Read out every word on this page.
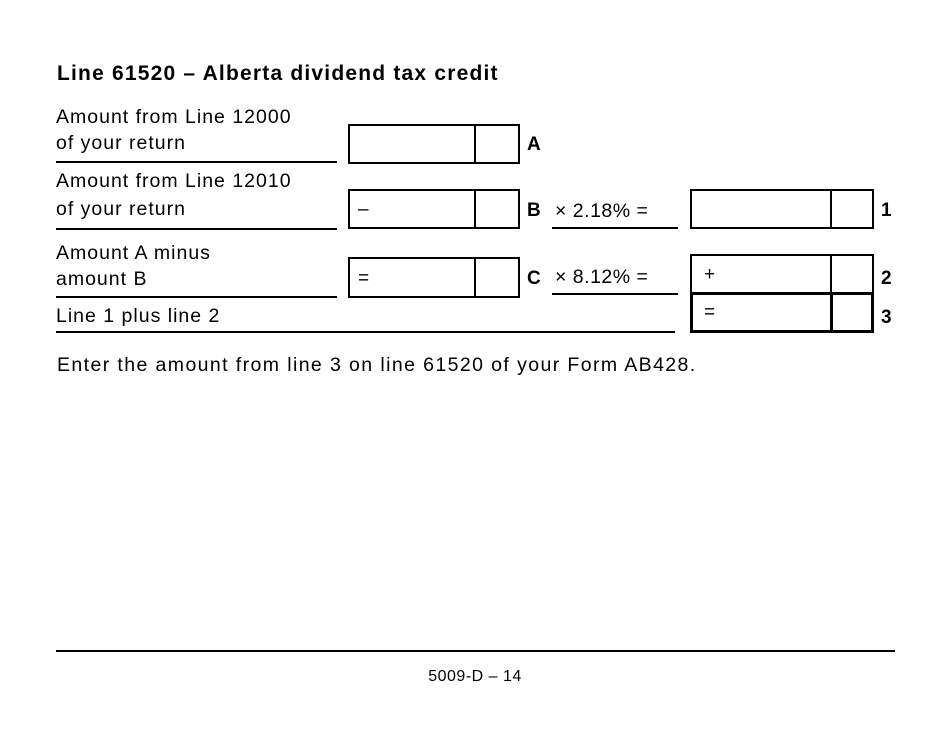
Line 61520 – Alberta dividend tax credit
Amount from Line 12000
of your return	A
Amount from Line 12010
of your return	–	B × 2.18% =	1
Amount A minus
amount B	=	C × 8.12% =	+	2
Line 1 plus line 2	=	3
Enter the amount from line 3 on line 61520 of your Form AB428.
5009-D – 14
